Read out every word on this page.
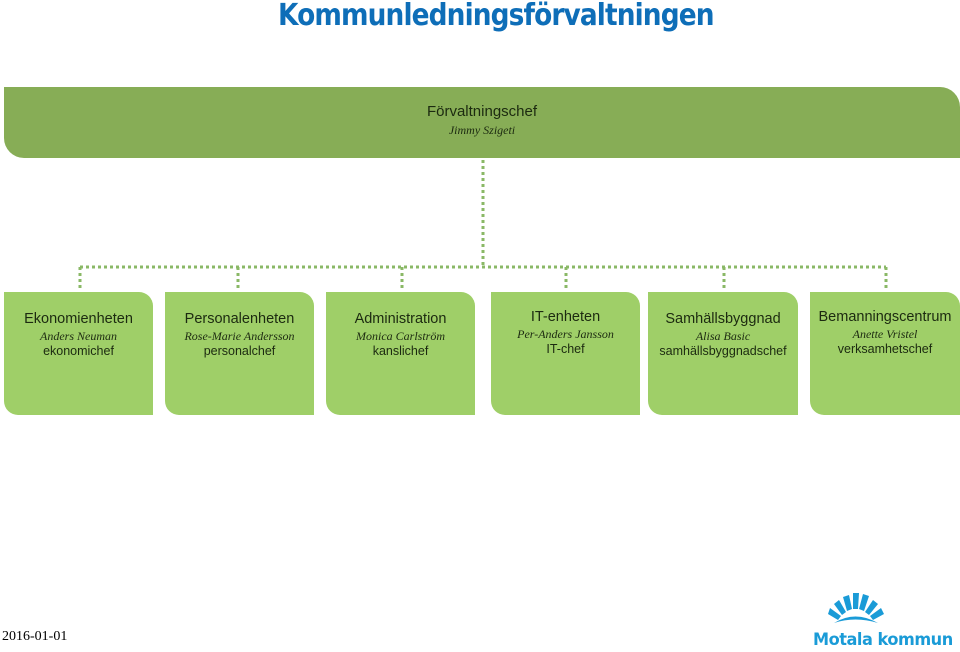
Kommunledningsförvaltningen
Förvaltningschef
Jimmy Szigeti
Ekonomienheten
Anders Neuman
ekonomichef
Personalenheten
Rose-Marie Andersson
personalchef
Administration
Monica Carlström
kanslichef
IT-enheten
Per-Anders Jansson
IT-chef
Samhällsbyggnad
Alisa Basic
samhällsbyggnadschef
Bemanningscentrum
Anette Vristel
verksamhetschef
2016-01-01	Motala kommun
